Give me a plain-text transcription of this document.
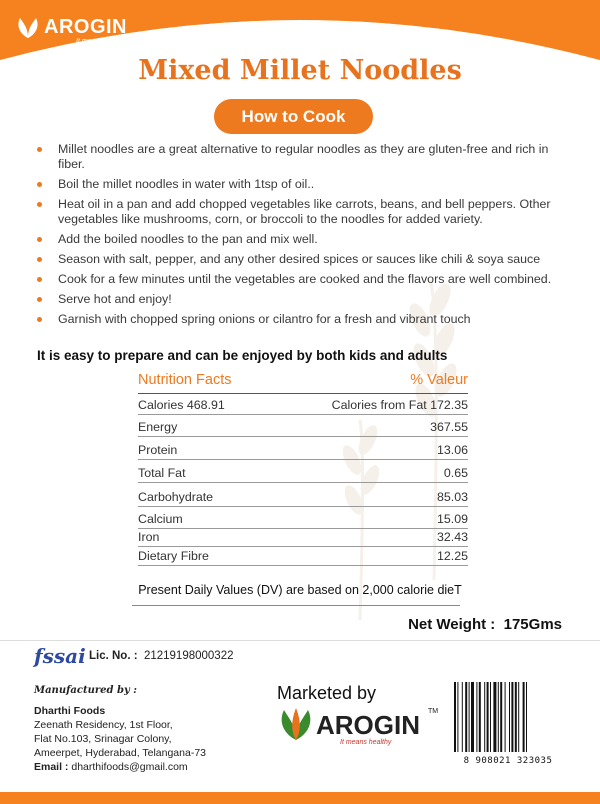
AROGIN
It means healthy
Mixed Millet Noodles
How to Cook
Millet noodles are a great alternative to regular noodles as they are gluten-free and rich in fiber.
Boil the millet noodles in water with 1tsp of oil..
Heat oil in a pan and add chopped vegetables like carrots, beans, and bell peppers. Other vegetables like mushrooms, corn, or broccoli to the noodles for added variety.
Add the boiled noodles to the pan and mix well.
Season with salt, pepper, and any other desired spices or sauces like chili & soya sauce
Cook for a few minutes until the vegetables are cooked and the flavors are well combined.
Serve hot and enjoy!
Garnish with chopped spring onions or cilantro for a fresh and vibrant touch
It is easy to prepare and can be enjoyed by both kids and adults
Nutrition Facts	% Valeur
Calories 468.91	Calories from Fat 172.35
Energy	367.55
Protein	13.06
Total Fat	0.65
Carbohydrate	85.03
Calcium	15.09
Iron	32.43
Dietary Fibre	12.25
Present Daily Values (DV) are based on 2,000 calorie dieT
Net Weight : 175Gms
fssai Lic. No. : 21219198000322
Manufactured by :
Dharthi Foods
Zeenath Residency, 1st Floor,
Flat No.103, Srinagar Colony,
Ameerpet, Hyderabad, Telangana-73
Email : dharthifoods@gmail.com
Marketed by
AROGIN TM
It means healthy
8 908021 323035
